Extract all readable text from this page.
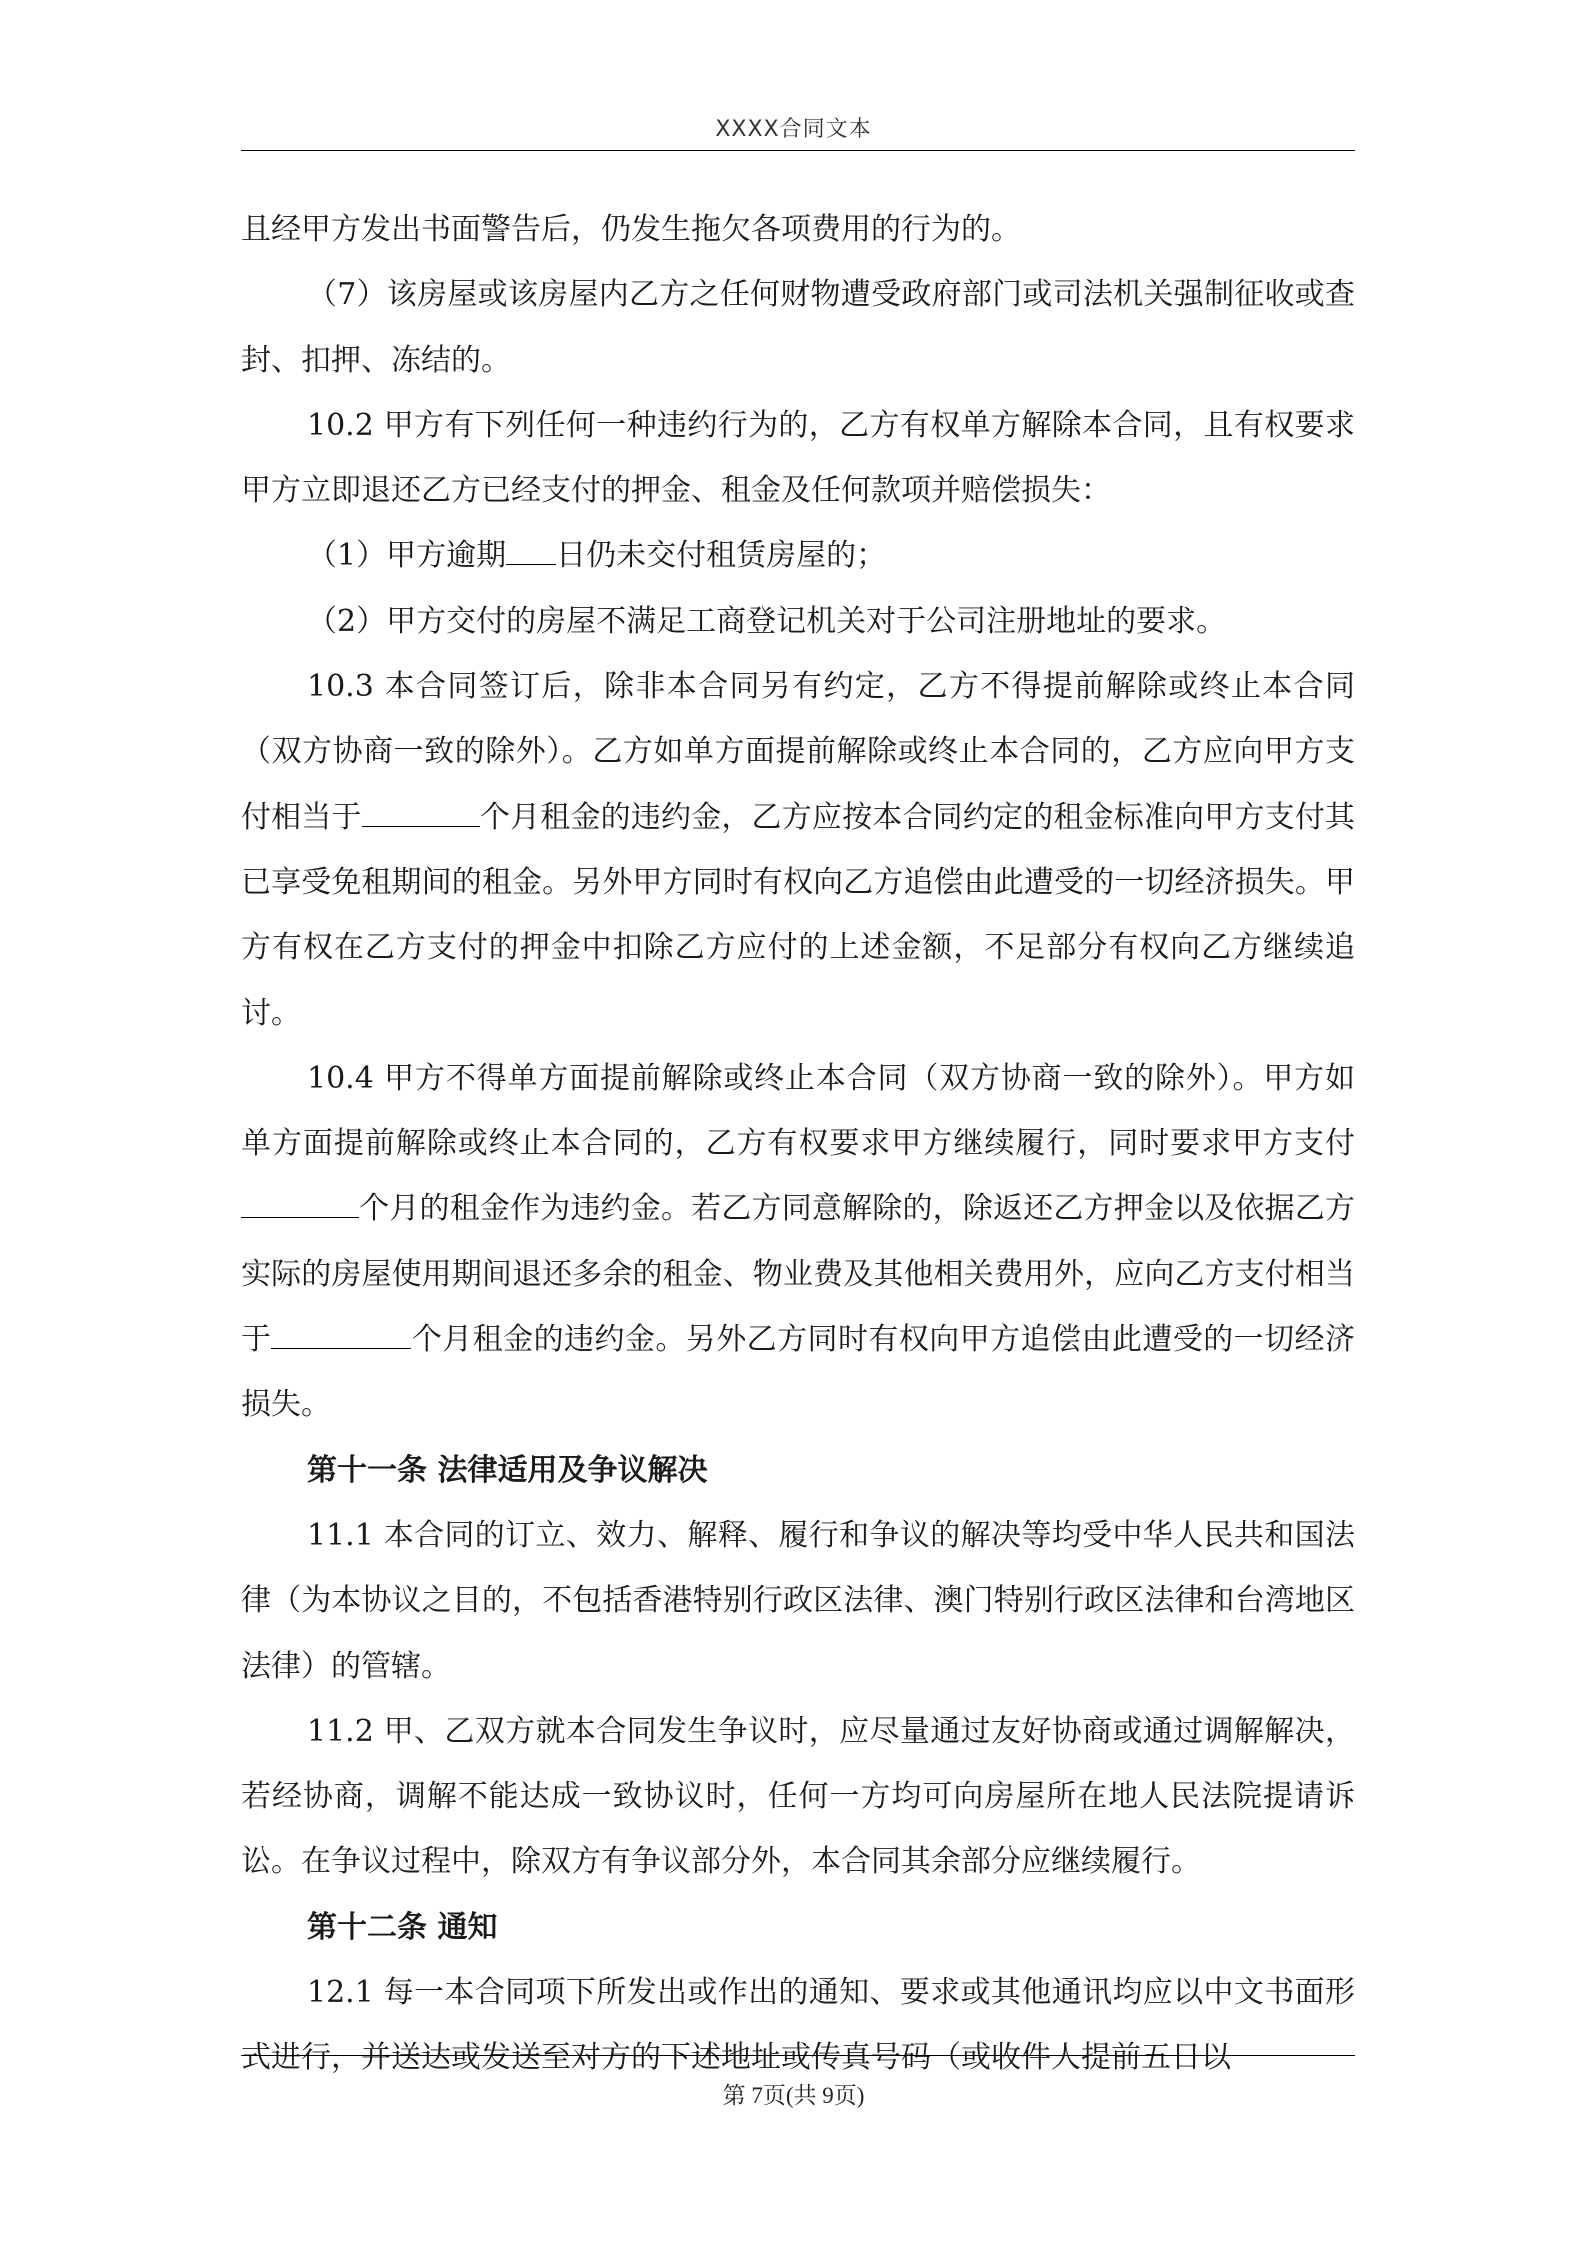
XXXX合同文本

且经甲方发出书面警告后，仍发生拖欠各项费用的行为的。

（7）该房屋或该房屋内乙方之任何财物遭受政府部门或司法机关强制征收或查封、扣押、冻结的。

10.2 甲方有下列任何一种违约行为的，乙方有权单方解除本合同，且有权要求甲方立即退还乙方已经支付的押金、租金及任何款项并赔偿损失：

（1）甲方逾期 日仍未交付租赁房屋的；

（2）甲方交付的房屋不满足工商登记机关对于公司注册地址的要求。

10.3 本合同签订后，除非本合同另有约定，乙方不得提前解除或终止本合同（双方协商一致的除外）。乙方如单方面提前解除或终止本合同的，乙方应向甲方支付相当于	个月租金的违约金，乙方应按本合同约定的租金标准向甲方支付其已享受免租期间的租金。另外甲方同时有权向乙方追偿由此遭受的一切经济损失。甲方有权在乙方支付的押金中扣除乙方应付的上述金额，不足部分有权向乙方继续追讨。

10.4 甲方不得单方面提前解除或终止本合同（双方协商一致的除外）。甲方如单方面提前解除或终止本合同的，乙方有权要求甲方继续履行，同时要求甲方支付个月的租金作为违约金。若乙方同意解除的，除返还乙方押金以及依据乙方实际的房屋使用期间退还多余的租金、物业费及其他相关费用外，应向乙方支付相当于	个月租金的违约金。另外乙方同时有权向甲方追偿由此遭受的一切经济损失。

第十一条 法律适用及争议解决

11.1 本合同的订立、效力、解释、履行和争议的解决等均受中华人民共和国法律（为本协议之目的，不包括香港特别行政区法律、澳门特别行政区法律和台湾地区法律）的管辖。

11.2 甲、乙双方就本合同发生争议时，应尽量通过友好协商或通过调解解决，若经协商，调解不能达成一致协议时，任何一方均可向房屋所在地人民法院提请诉讼。在争议过程中，除双方有争议部分外，本合同其余部分应继续履行。

第十二条 通知

12.1 每一本合同项下所发出或作出的通知、要求或其他通讯均应以中文书面形式进行，并送达或发送至对方的下述地址或传真号码（或收件人提前五日以

第 7页(共 9页)
